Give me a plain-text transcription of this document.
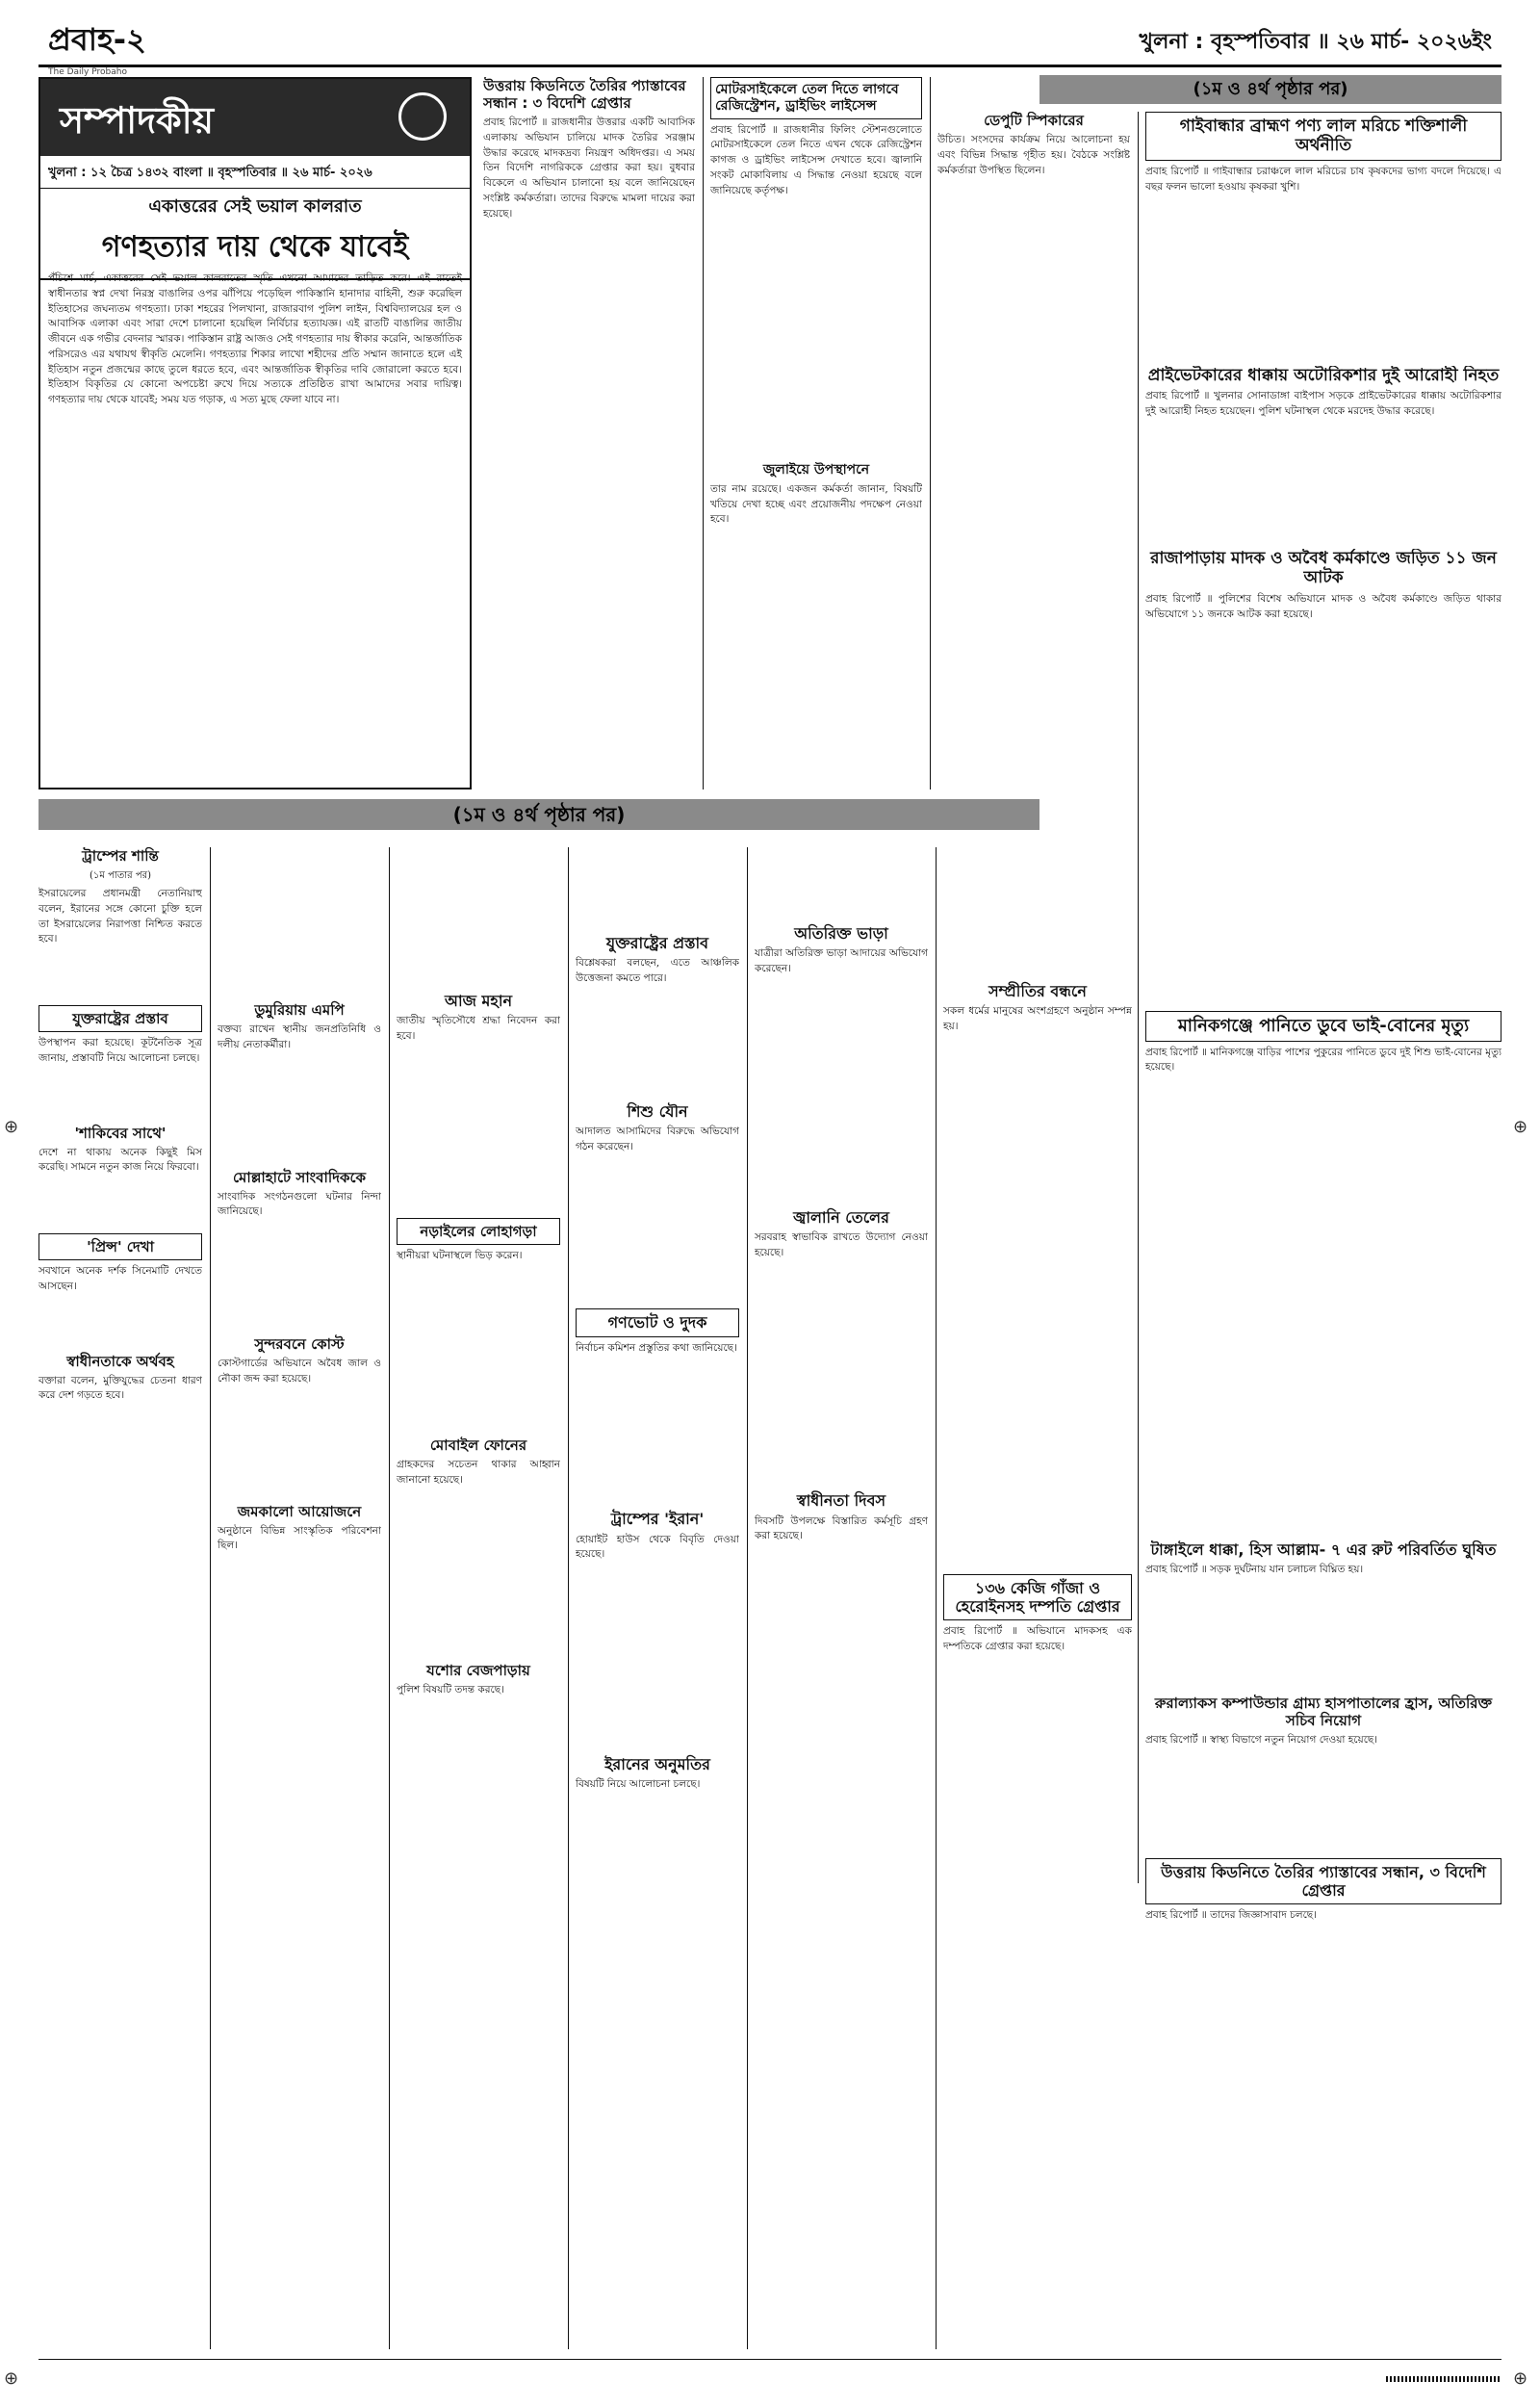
প্রবাহ-২
The Daily Probaho
খুলনা : বৃহস্পতিবার ॥ ২৬ মার্চ- ২০২৬ইং
(১ম ও ৪র্থ পৃষ্ঠার পর)
সম্পাদকীয়
খুলনা : ১২ চৈত্র ১৪৩২ বাংলা ॥ বৃহস্পতিবার ॥ ২৬ মার্চ- ২০২৬
একাত্তরের সেই ভয়াল কালরাত
গণহত্যার দায় থেকে যাবেই
পঁচিশে মার্চ, একাত্তরের সেই ভয়াল কালরাতের স্মৃতি এখনো আমাদের তাড়িত করে। এই রাতেই স্বাধীনতার স্বপ্ন দেখা নিরস্ত্র বাঙালির ওপর ঝাঁপিয়ে পড়েছিল পাকিস্তানি হানাদার বাহিনী, শুরু করেছিল ইতিহাসের জঘন্যতম গণহত্যা। ঢাকা শহরের পিলখানা, রাজারবাগ পুলিশ লাইন, বিশ্ববিদ্যালয়ের হল ও আবাসিক এলাকা এবং সারা দেশে চালানো হয়েছিল নির্বিচার হত্যাযজ্ঞ। এই রাতটি বাঙালির জাতীয় জীবনে এক গভীর বেদনার স্মারক। পাকিস্তান রাষ্ট্র আজও সেই গণহত্যার দায় স্বীকার করেনি, আন্তর্জাতিক পরিসরেও এর যথাযথ স্বীকৃতি মেলেনি। গণহত্যার শিকার লাখো শহীদের প্রতি সম্মান জানাতে হলে এই ইতিহাস নতুন প্রজন্মের কাছে তুলে ধরতে হবে, এবং আন্তর্জাতিক স্বীকৃতির দাবি জোরালো করতে হবে। ইতিহাস বিকৃতির যে কোনো অপচেষ্টা রুখে দিয়ে সত্যকে প্রতিষ্ঠিত রাখা আমাদের সবার দায়িত্ব। গণহত্যার দায় থেকে যাবেই; সময় যত গড়াক, এ সত্য মুছে ফেলা যাবে না।
উত্তরায় কিডনিতে তৈরির প্যাস্তাবের সন্ধান : ৩ বিদেশি গ্রেপ্তার

প্রবাহ রিপোর্ট ॥ রাজধানীর উত্তরার একটি আবাসিক এলাকায় অভিযান চালিয়ে মাদক তৈরির সরঞ্জাম উদ্ধার করেছে মাদকদ্রব্য নিয়ন্ত্রণ অধিদপ্তর। এ সময় তিন বিদেশি নাগরিককে গ্রেপ্তার করা হয়। বুধবার বিকেলে এ অভিযান চালানো হয় বলে জানিয়েছেন সংশ্লিষ্ট কর্মকর্তারা। তাদের বিরুদ্ধে মামলা দায়ের করা হয়েছে।

মোটরসাইকেলে তেল দিতে লাগবে রেজিস্ট্রেশন, ড্রাইভিং লাইসেন্স

প্রবাহ রিপোর্ট ॥ রাজধানীর ফিলিং স্টেশনগুলোতে মোটরসাইকেলে তেল নিতে এখন থেকে রেজিস্ট্রেশন কাগজ ও ড্রাইভিং লাইসেন্স দেখাতে হবে। জ্বালানি সংকট মোকাবিলায় এ সিদ্ধান্ত নেওয়া হয়েছে বলে জানিয়েছে কর্তৃপক্ষ।

জুলাইয়ে উপস্থাপনে

তার নাম রয়েছে। একজন কর্মকর্তা জানান, বিষয়টি খতিয়ে দেখা হচ্ছে এবং প্রয়োজনীয় পদক্ষেপ নেওয়া হবে।

ডেপুটি স্পিকারের

উচিত। সংসদের কার্যক্রম নিয়ে আলোচনা হয় এবং বিভিন্ন সিদ্ধান্ত গৃহীত হয়। বৈঠকে সংশ্লিষ্ট কর্মকর্তারা উপস্থিত ছিলেন।

গাইবান্ধার ব্রাহ্মণ পণ্য লাল মরিচে শক্তিশালী অর্থনীতি

প্রবাহ রিপোর্ট ॥ গাইবান্ধার চরাঞ্চলে লাল মরিচের চাষ কৃষকদের ভাগ্য বদলে দিয়েছে। এ বছর ফলন ভালো হওয়ায় কৃষকরা খুশি।

প্রাইভেটকারের ধাক্কায় অটোরিকশার দুই আরোহী নিহত

প্রবাহ রিপোর্ট ॥ খুলনার সোনাডাঙ্গা বাইপাস সড়কে প্রাইভেটকারের ধাক্কায় অটোরিকশার দুই আরোহী নিহত হয়েছেন। পুলিশ ঘটনাস্থল থেকে মরদেহ উদ্ধার করেছে।

রাজাপাড়ায় মাদক ও অবৈধ কর্মকাণ্ডে জড়িত ১১ জন আটক

প্রবাহ রিপোর্ট ॥ পুলিশের বিশেষ অভিযানে মাদক ও অবৈধ কর্মকাণ্ডে জড়িত থাকার অভিযোগে ১১ জনকে আটক করা হয়েছে।

মানিকগঞ্জে পানিতে ডুবে ভাই-বোনের মৃত্যু

প্রবাহ রিপোর্ট ॥ মানিকগঞ্জে বাড়ির পাশের পুকুরের পানিতে ডুবে দুই শিশু ভাই-বোনের মৃত্যু হয়েছে।

টাঙ্গাইলে ধাক্কা, হিস আল্লাম- ৭ এর রুট পরিবর্তিত ঘুষিত

প্রবাহ রিপোর্ট ॥ সড়ক দুর্ঘটনায় যান চলাচল বিঘ্নিত হয়।

রুরাল্যাকস কম্পাউন্ডার গ্রাম্য হাসপাতালের হ্রাস, অতিরিক্ত সচিব নিয়োগ

প্রবাহ রিপোর্ট ॥ স্বাস্থ্য বিভাগে নতুন নিয়োগ দেওয়া হয়েছে।

উত্তরায় কিডনিতে তৈরির প্যাস্তাবের সন্ধান, ৩ বিদেশি গ্রেপ্তার

প্রবাহ রিপোর্ট ॥ তাদের জিজ্ঞাসাবাদ চলছে।

(১ম ও ৪র্থ পৃষ্ঠার পর)
ট্রাম্পের শান্তি
(১ম পাতার পর)

ইসরায়েলের প্রধানমন্ত্রী নেতানিয়াহু বলেন, ইরানের সঙ্গে কোনো চুক্তি হলে তা ইসরায়েলের নিরাপত্তা নিশ্চিত করতে হবে।

যুক্তরাষ্ট্রের প্রস্তাব

উপস্থাপন করা হয়েছে। কূটনৈতিক সূত্র জানায়, প্রস্তাবটি নিয়ে আলোচনা চলছে।

'শাকিবের সাথে'

দেশে না থাকায় অনেক কিছুই মিস করেছি। সামনে নতুন কাজ নিয়ে ফিরবো।

'প্রিন্স' দেখা

সবখানে অনেক দর্শক সিনেমাটি দেখতে আসছেন।

স্বাধীনতাকে অর্থবহ

বক্তারা বলেন, মুক্তিযুদ্ধের চেতনা ধারণ করে দেশ গড়তে হবে।

ডুমুরিয়ায় এমপি

বক্তব্য রাখেন স্থানীয় জনপ্রতিনিধি ও দলীয় নেতাকর্মীরা।

মোল্লাহাটে সাংবাদিককে

সাংবাদিক সংগঠনগুলো ঘটনার নিন্দা জানিয়েছে।

সুন্দরবনে কোস্ট

কোস্টগার্ডের অভিযানে অবৈধ জাল ও নৌকা জব্দ করা হয়েছে।

জমকালো আয়োজনে

অনুষ্ঠানে বিভিন্ন সাংস্কৃতিক পরিবেশনা ছিল।

আজ মহান

জাতীয় স্মৃতিসৌধে শ্রদ্ধা নিবেদন করা হবে।

নড়াইলের লোহাগড়া

স্থানীয়রা ঘটনাস্থলে ভিড় করেন।

মোবাইল ফোনের

গ্রাহকদের সচেতন থাকার আহ্বান জানানো হয়েছে।

যশোর বেজপাড়ায়

পুলিশ বিষয়টি তদন্ত করছে।

যুক্তরাষ্ট্রের প্রস্তাব

বিশ্লেষকরা বলছেন, এতে আঞ্চলিক উত্তেজনা কমতে পারে।

শিশু যৌন

আদালত আসামিদের বিরুদ্ধে অভিযোগ গঠন করেছেন।

গণভোট ও দুদক

নির্বাচন কমিশন প্রস্তুতির কথা জানিয়েছে।

ট্রাম্পের 'ইরান'

হোয়াইট হাউস থেকে বিবৃতি দেওয়া হয়েছে।

ইরানের অনুমতির

বিষয়টি নিয়ে আলোচনা চলছে।

অতিরিক্ত ভাড়া

যাত্রীরা অতিরিক্ত ভাড়া আদায়ের অভিযোগ করেছেন।

জ্বালানি তেলের

সরবরাহ স্বাভাবিক রাখতে উদ্যোগ নেওয়া হয়েছে।

স্বাধীনতা দিবস

দিবসটি উপলক্ষে বিস্তারিত কর্মসূচি গ্রহণ করা হয়েছে।

সম্প্রীতির বন্ধনে

সকল ধর্মের মানুষের অংশগ্রহণে অনুষ্ঠান সম্পন্ন হয়।

১৩৬ কেজি গাঁজা ও হেরোইনসহ দম্পতি গ্রেপ্তার

প্রবাহ রিপোর্ট ॥ অভিযানে মাদকসহ এক দম্পতিকে গ্রেপ্তার করা হয়েছে।

⊕	⊕
⊕	⊕
